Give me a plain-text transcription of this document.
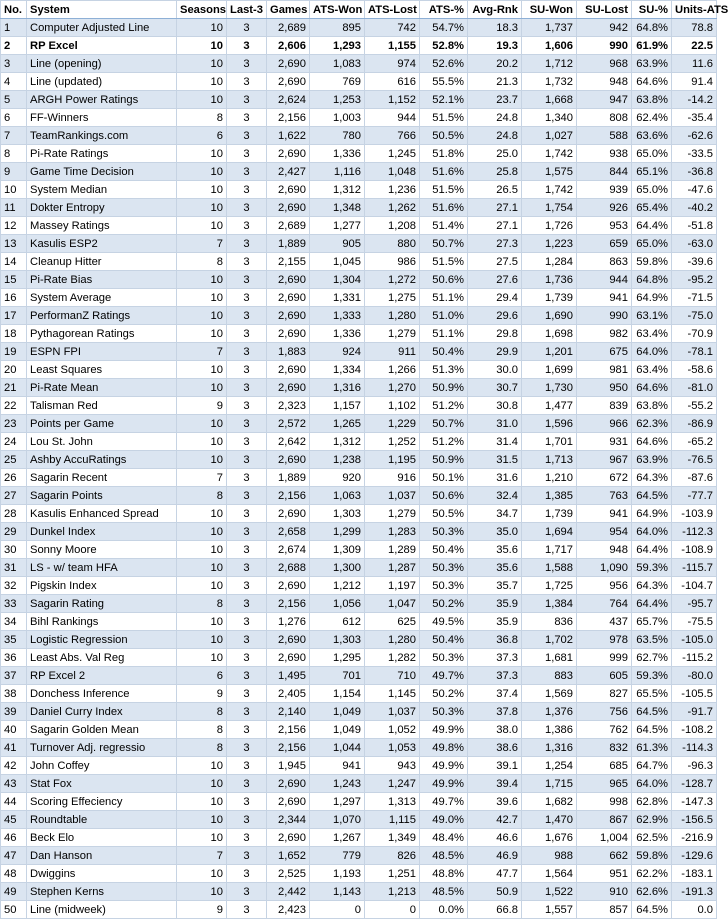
No.	System	Seasons	Last-3	Games	ATS-Won	ATS-Lost	ATS-%	Avg-Rnk	SU-Won	SU-Lost	SU-%	Units-ATS
1	Computer Adjusted Line	10	3	2,689	895	742	54.7%	18.3	1,737	942	64.8%	78.8
2	RP Excel	10	3	2,606	1,293	1,155	52.8%	19.3	1,606	990	61.9%	22.5
3	Line (opening)	10	3	2,690	1,083	974	52.6%	20.2	1,712	968	63.9%	11.6
4	Line (updated)	10	3	2,690	769	616	55.5%	21.3	1,732	948	64.6%	91.4
5	ARGH Power Ratings	10	3	2,624	1,253	1,152	52.1%	23.7	1,668	947	63.8%	-14.2
6	FF-Winners	8	3	2,156	1,003	944	51.5%	24.8	1,340	808	62.4%	-35.4
7	TeamRankings.com	6	3	1,622	780	766	50.5%	24.8	1,027	588	63.6%	-62.6
8	Pi-Rate Ratings	10	3	2,690	1,336	1,245	51.8%	25.0	1,742	938	65.0%	-33.5
9	Game Time Decision	10	3	2,427	1,116	1,048	51.6%	25.8	1,575	844	65.1%	-36.8
10	System Median	10	3	2,690	1,312	1,236	51.5%	26.5	1,742	939	65.0%	-47.6
11	Dokter Entropy	10	3	2,690	1,348	1,262	51.6%	27.1	1,754	926	65.4%	-40.2
12	Massey Ratings	10	3	2,689	1,277	1,208	51.4%	27.1	1,726	953	64.4%	-51.8
13	Kasulis ESP2	7	3	1,889	905	880	50.7%	27.3	1,223	659	65.0%	-63.0
14	Cleanup Hitter	8	3	2,155	1,045	986	51.5%	27.5	1,284	863	59.8%	-39.6
15	Pi-Rate Bias	10	3	2,690	1,304	1,272	50.6%	27.6	1,736	944	64.8%	-95.2
16	System Average	10	3	2,690	1,331	1,275	51.1%	29.4	1,739	941	64.9%	-71.5
17	PerformanZ Ratings	10	3	2,690	1,333	1,280	51.0%	29.6	1,690	990	63.1%	-75.0
18	Pythagorean Ratings	10	3	2,690	1,336	1,279	51.1%	29.8	1,698	982	63.4%	-70.9
19	ESPN FPI	7	3	1,883	924	911	50.4%	29.9	1,201	675	64.0%	-78.1
20	Least Squares	10	3	2,690	1,334	1,266	51.3%	30.0	1,699	981	63.4%	-58.6
21	Pi-Rate Mean	10	3	2,690	1,316	1,270	50.9%	30.7	1,730	950	64.6%	-81.0
22	Talisman Red	9	3	2,323	1,157	1,102	51.2%	30.8	1,477	839	63.8%	-55.2
23	Points per Game	10	3	2,572	1,265	1,229	50.7%	31.0	1,596	966	62.3%	-86.9
24	Lou St. John	10	3	2,642	1,312	1,252	51.2%	31.4	1,701	931	64.6%	-65.2
25	Ashby AccuRatings	10	3	2,690	1,238	1,195	50.9%	31.5	1,713	967	63.9%	-76.5
26	Sagarin Recent	7	3	1,889	920	916	50.1%	31.6	1,210	672	64.3%	-87.6
27	Sagarin Points	8	3	2,156	1,063	1,037	50.6%	32.4	1,385	763	64.5%	-77.7
28	Kasulis Enhanced Spread	10	3	2,690	1,303	1,279	50.5%	34.7	1,739	941	64.9%	-103.9
29	Dunkel Index	10	3	2,658	1,299	1,283	50.3%	35.0	1,694	954	64.0%	-112.3
30	Sonny Moore	10	3	2,674	1,309	1,289	50.4%	35.6	1,717	948	64.4%	-108.9
31	LS - w/ team HFA	10	3	2,688	1,300	1,287	50.3%	35.6	1,588	1,090	59.3%	-115.7
32	Pigskin Index	10	3	2,690	1,212	1,197	50.3%	35.7	1,725	956	64.3%	-104.7
33	Sagarin Rating	8	3	2,156	1,056	1,047	50.2%	35.9	1,384	764	64.4%	-95.7
34	Bihl Rankings	10	3	1,276	612	625	49.5%	35.9	836	437	65.7%	-75.5
35	Logistic Regression	10	3	2,690	1,303	1,280	50.4%	36.8	1,702	978	63.5%	-105.0
36	Least Abs. Val Reg	10	3	2,690	1,295	1,282	50.3%	37.3	1,681	999	62.7%	-115.2
37	RP Excel 2	6	3	1,495	701	710	49.7%	37.3	883	605	59.3%	-80.0
38	Donchess Inference	9	3	2,405	1,154	1,145	50.2%	37.4	1,569	827	65.5%	-105.5
39	Daniel Curry Index	8	3	2,140	1,049	1,037	50.3%	37.8	1,376	756	64.5%	-91.7
40	Sagarin Golden Mean	8	3	2,156	1,049	1,052	49.9%	38.0	1,386	762	64.5%	-108.2
41	Turnover Adj. regressio	8	3	2,156	1,044	1,053	49.8%	38.6	1,316	832	61.3%	-114.3
42	John Coffey	10	3	1,945	941	943	49.9%	39.1	1,254	685	64.7%	-96.3
43	Stat Fox	10	3	2,690	1,243	1,247	49.9%	39.4	1,715	965	64.0%	-128.7
44	Scoring Effeciency	10	3	2,690	1,297	1,313	49.7%	39.6	1,682	998	62.8%	-147.3
45	Roundtable	10	3	2,344	1,070	1,115	49.0%	42.7	1,470	867	62.9%	-156.5
46	Beck Elo	10	3	2,690	1,267	1,349	48.4%	46.6	1,676	1,004	62.5%	-216.9
47	Dan Hanson	7	3	1,652	779	826	48.5%	46.9	988	662	59.8%	-129.6
48	Dwiggins	10	3	2,525	1,193	1,251	48.8%	47.7	1,564	951	62.2%	-183.1
49	Stephen Kerns	10	3	2,442	1,143	1,213	48.5%	50.9	1,522	910	62.6%	-191.3
50	Line (midweek)	9	3	2,423	0	0	0.0%	66.8	1,557	857	64.5%	0.0
